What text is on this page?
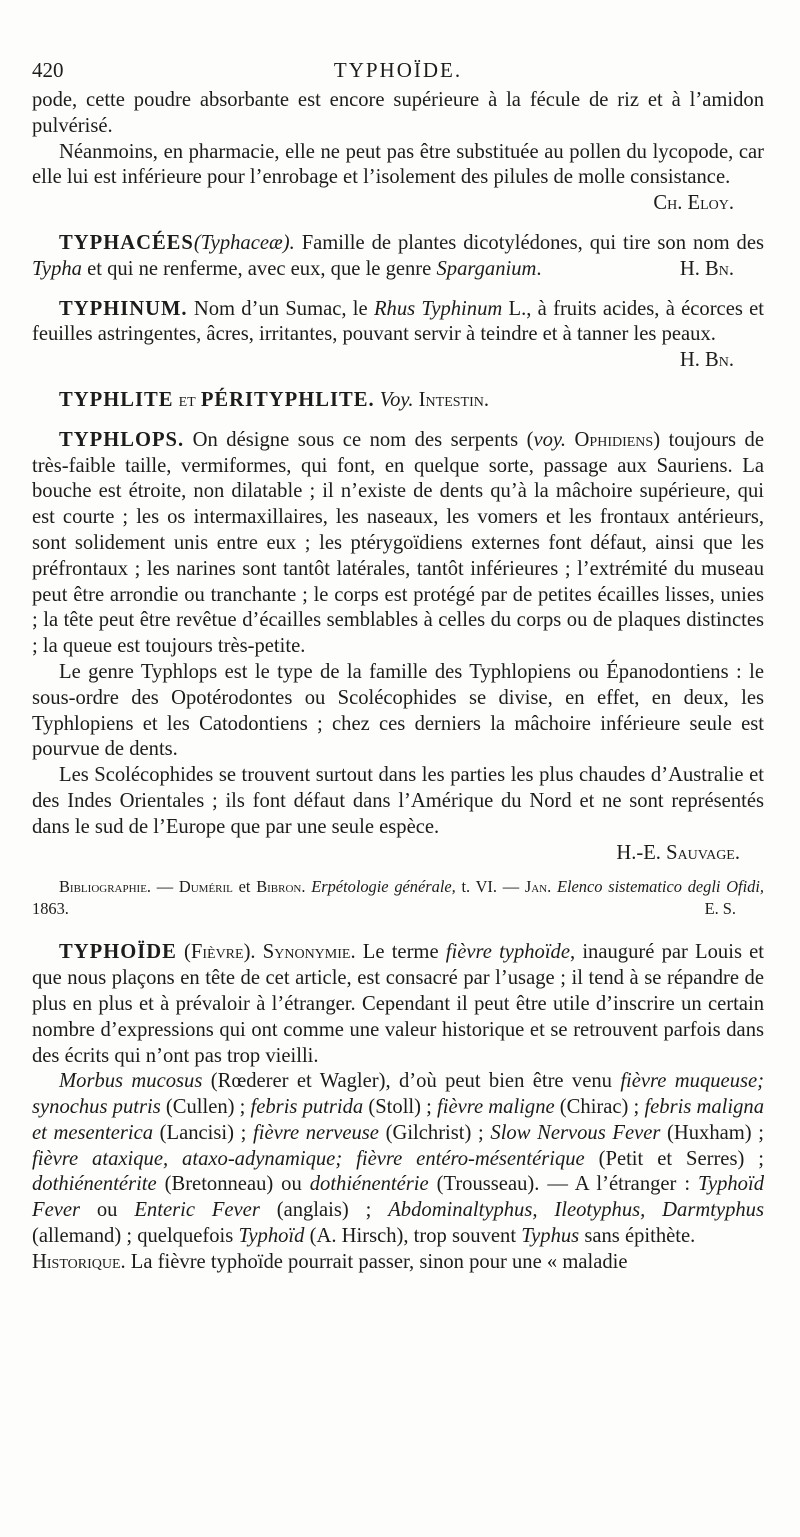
420	TYPHOÏDE.

pode, cette poudre absorbante est encore supérieure à la fécule de riz et à l’amidon pulvérisé.

Néanmoins, en pharmacie, elle ne peut pas être substituée au pollen du lycopode, car elle lui est inférieure pour l’enrobage et l’isolement des pilules de molle consistance.
Ch. Eloy.

TYPHACÉES(Typhaceæ). Famille de plantes dicotylédones, qui tire son nom des Typha et qui ne renferme, avec eux, que le genre Sparganium.	H. Bn.

TYPHINUM. Nom d’un Sumac, le Rhus Typhinum L., à fruits acides, à écorces et feuilles astringentes, âcres, irritantes, pouvant servir à teindre et à tanner les peaux.
H. Bn.

TYPHLITE et PÉRITYPHLITE. Voy. Intestin.

TYPHLOPS. On désigne sous ce nom des serpents (voy. Ophidiens) toujours de très-faible taille, vermiformes, qui font, en quelque sorte, passage aux Sauriens. La bouche est étroite, non dilatable ; il n’existe de dents qu’à la mâchoire supérieure, qui est courte ; les os intermaxillaires, les naseaux, les vomers et les frontaux antérieurs, sont solidement unis entre eux ; les ptérygoïdiens externes font défaut, ainsi que les préfrontaux ; les narines sont tantôt latérales, tantôt inférieures ; l’extrémité du museau peut être arrondie ou tranchante ; le corps est protégé par de petites écailles lisses, unies ; la tête peut être revêtue d’écailles semblables à celles du corps ou de plaques distinctes ; la queue est toujours très-petite.

Le genre Typhlops est le type de la famille des Typhlopiens ou Épanodontiens : le sous-ordre des Opotérodontes ou Scolécophides se divise, en effet, en deux, les Typhlopiens et les Catodontiens ; chez ces derniers la mâchoire inférieure seule est pourvue de dents.

Les Scolécophides se trouvent surtout dans les parties les plus chaudes d’Australie et des Indes Orientales ; ils font défaut dans l’Amérique du Nord et ne sont représentés dans le sud de l’Europe que par une seule espèce.

H.-E. Sauvage.

Bibliographie. — Duméril et Bibron. Erpétologie générale, t. VI. — Jan. Elenco sistematico degli Ofidi, 1863.	E. S.

TYPHOÏDE (Fièvre). Synonymie. Le terme fièvre typhoïde, inauguré par Louis et que nous plaçons en tête de cet article, est consacré par l’usage ; il tend à se répandre de plus en plus et à prévaloir à l’étranger. Cependant il peut être utile d’inscrire un certain nombre d’expressions qui ont comme une valeur historique et se retrouvent parfois dans des écrits qui n’ont pas trop vieilli.

Morbus mucosus (Rœderer et Wagler), d’où peut bien être venu fièvre muqueuse; synochus putris (Cullen) ; febris putrida (Stoll) ; fièvre maligne (Chirac) ; febris maligna et mesenterica (Lancisi) ; fièvre nerveuse (Gilchrist) ; Slow Nervous Fever (Huxham) ; fièvre ataxique, ataxo-adynamique; fièvre entéro-mésentérique (Petit et Serres) ; dothiénentérite (Bretonneau) ou dothiénentérie (Trousseau). — A l’étranger : Typhoïd Fever ou Enteric Fever (anglais) ; Abdominaltyphus, Ileotyphus, Darmtyphus (allemand) ; quelquefois Typhoïd (A. Hirsch), trop souvent Typhus sans épithète.

Historique. La fièvre typhoïde pourrait passer, sinon pour une « maladie
